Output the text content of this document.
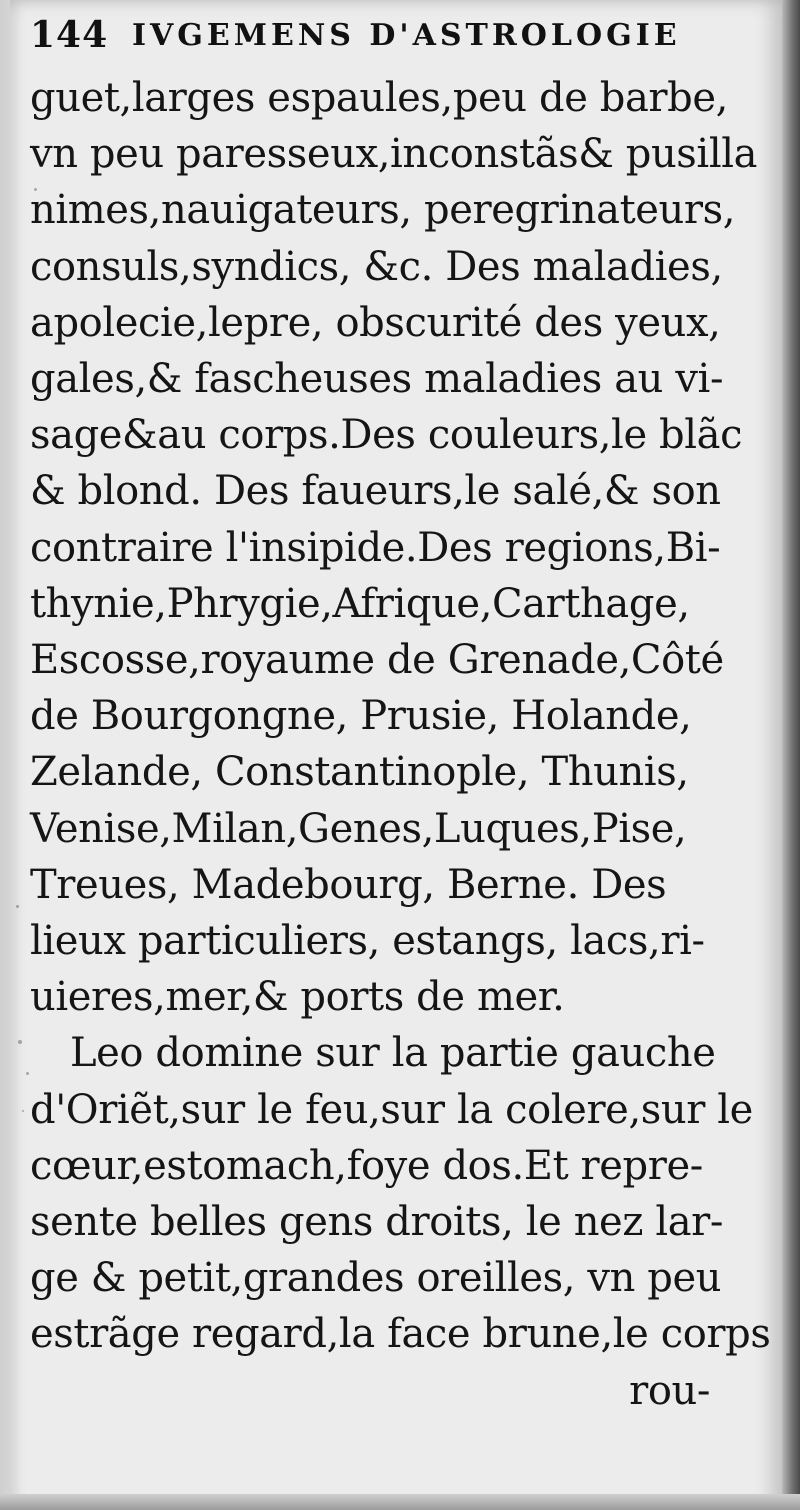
144 IVGEMENS D'ASTROLOGIE
guet,larges espaules,peu de barbe,
vn peu paresseux,inconstãs& pusilla
nimes,nauigateurs, peregrinateurs,
consuls,syndics, &c. Des maladies,
apolecie,lepre, obscurité des yeux,
gales,& fascheuses maladies au vi-
sage&au corps.Des couleurs,le blãc
& blond. Des faueurs,le salé,& son
contraire l'insipide.Des regions,Bi-
thynie,Phrygie,Afrique,Carthage,
Escosse,royaume de Grenade,Côté
de Bourgongne, Prusie, Holande,
Zelande, Constantinople, Thunis,
Venise,Milan,Genes,Luques,Pise,
Treues, Madebourg, Berne. Des
lieux particuliers, estangs, lacs,ri-
uieres,mer,& ports de mer.
Leo domine sur la partie gauche
d'Oriẽt,sur le feu,sur la colere,sur le
cœur,estomach,foye dos.Et repre-
sente belles gens droits, le nez lar-
ge & petit,grandes oreilles, vn peu
estrãge regard,la face brune,le corps
rou-
